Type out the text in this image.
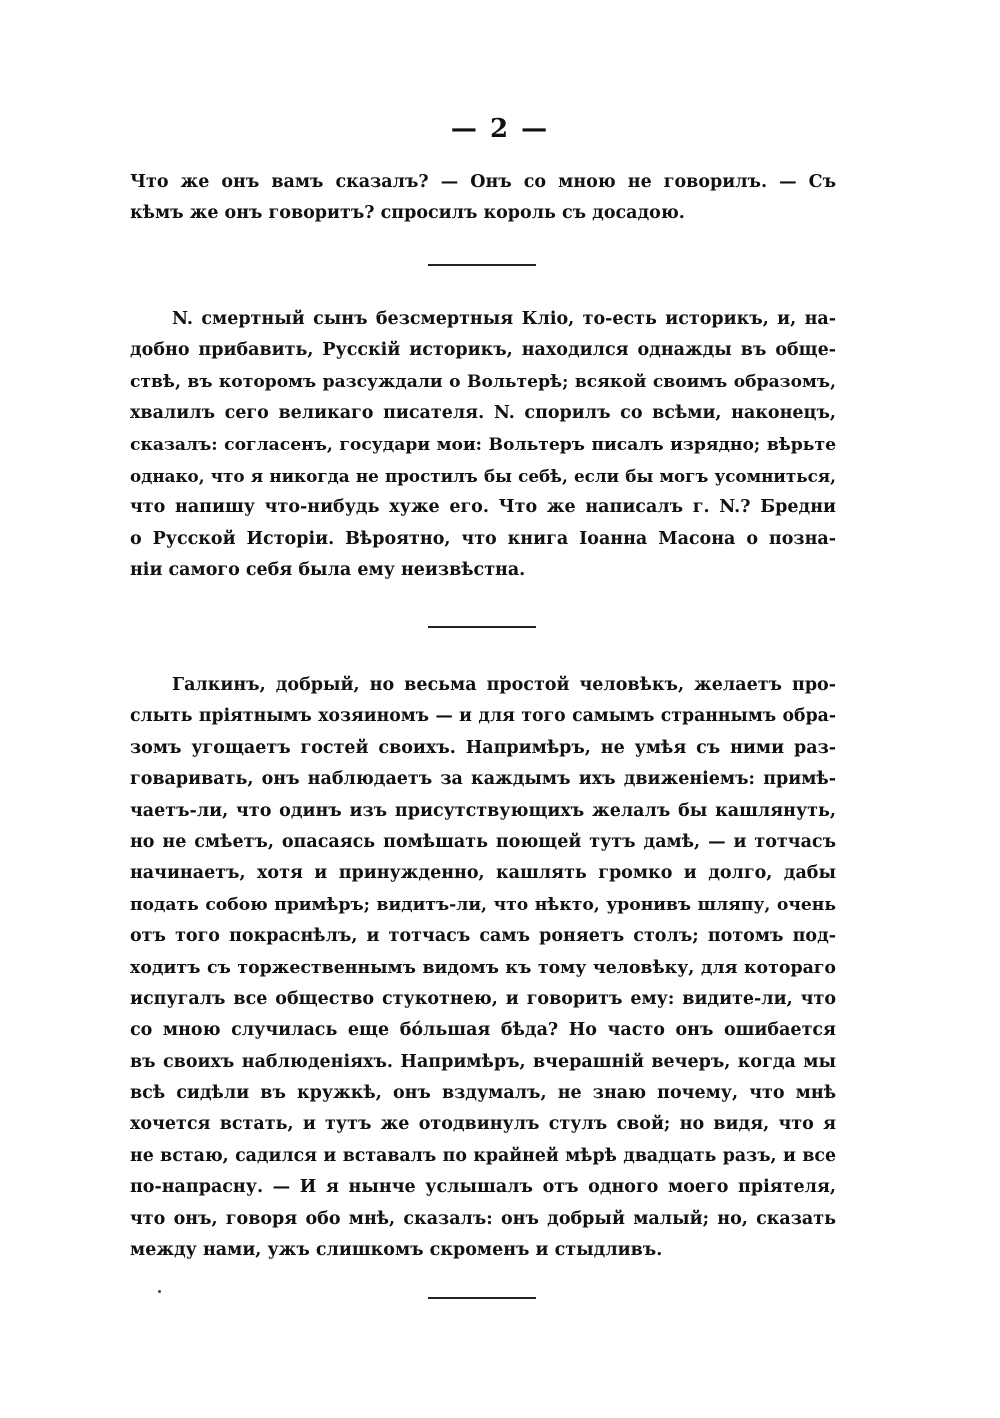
— 2 —
Что же онъ вамъ сказалъ? — Онъ со мною не говорилъ. — Съ
кѣмъ же онъ говоритъ? спросилъ король съ досадою.
N. смертный сынъ безсмертныя Кліо, то-есть историкъ, и, на-
добно прибавить, Русскій историкъ, находился однажды въ обще-
ствѣ, въ которомъ разсуждали о Вольтерѣ; всякой своимъ образомъ,
хвалилъ сего великаго писателя. N. спорилъ со всѣми, наконецъ,
сказалъ: согласенъ, государи мои: Вольтеръ писалъ изрядно; вѣрьте
однако, что я никогда не простилъ бы себѣ, если бы могъ усомниться,
что напишу что-нибудь хуже его. Что же написалъ г. N.? Бредни
о Русской Исторіи. Вѣроятно, что книга Іоанна Масона о позна-
ніи самого себя была ему неизвѣстна.
Галкинъ, добрый, но весьма простой человѣкъ, желаетъ про-
слыть пріятнымъ хозяиномъ — и для того самымъ страннымъ обра-
зомъ угощаетъ гостей своихъ. Напримѣръ, не умѣя съ ними раз-
говаривать, онъ наблюдаетъ за каждымъ ихъ движеніемъ: примѣ-
чаетъ-ли, что одинъ изъ присутствующихъ желалъ бы кашлянуть,
но не смѣетъ, опасаясь помѣшать поющей тутъ дамѣ, — и тотчасъ
начинаетъ, хотя и принужденно, кашлять громко и долго, дабы
подать собою примѣръ; видитъ-ли, что нѣкто, уронивъ шляпу, очень
отъ того покраснѣлъ, и тотчасъ самъ роняетъ столъ; потомъ под-
ходитъ съ торжественнымъ видомъ къ тому человѣку, для котораго
испугалъ все общество стукотнею, и говоритъ ему: видите-ли, что
со мною случилась еще бо́льшая бѣда? Но часто онъ ошибается
въ своихъ наблюденіяхъ. Напримѣръ, вчерашній вечеръ, когда мы
всѣ сидѣли въ кружкѣ, онъ вздумалъ, не знаю почему, что мнѣ
хочется встать, и тутъ же отодвинулъ стулъ свой; но видя, что я
не встаю, садился и вставалъ по крайней мѣрѣ двадцать разъ, и все
по-напрасну. — И я нынче услышалъ отъ одного моего пріятеля,
что онъ, говоря обо мнѣ, сказалъ: онъ добрый малый; но, сказать
между нами, ужъ слишкомъ скроменъ и стыдливъ.
